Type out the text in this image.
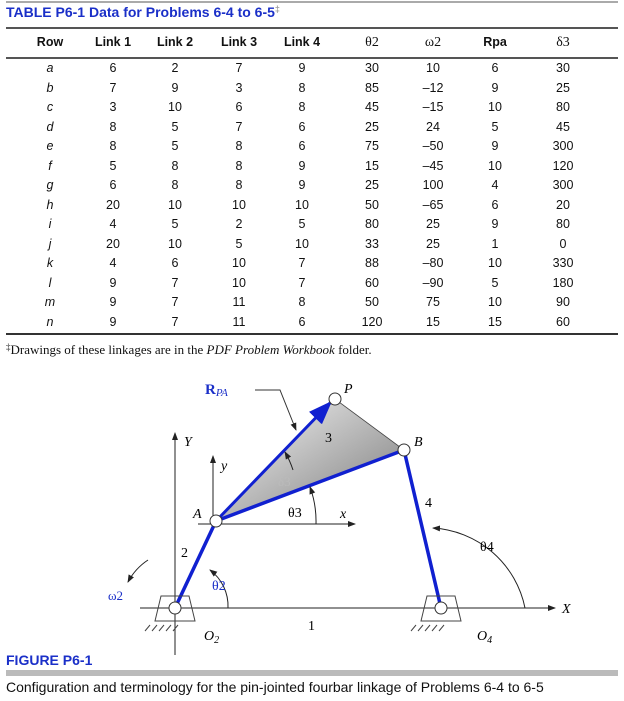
TABLE P6-1 Data for Problems 6-4 to 6-5‡
Row	Link 1	Link 2	Link 3	Link 4	θ2	ω2	Rpa	δ3
a	6	2	7	9	30	10	6	30
b	7	9	3	8	85	–12	9	25
c	3	10	6	8	45	–15	10	80
d	8	5	7	6	25	24	5	45
e	8	5	8	6	75	–50	9	300
f	5	8	8	9	15	–45	10	120
g	6	8	8	9	25	100	4	300
h	20	10	10	10	50	–65	6	20
i	4	5	2	5	80	25	9	80
j	20	10	5	10	33	25	1	0
k	4	6	10	7	88	–80	10	330
l	9	7	10	7	60	–90	5	180
m	9	7	11	8	50	75	10	90
n	9	7	11	6	120	15	15	60
‡Drawings of these linkages are in the PDF Problem Workbook folder.
RPA	P
B
A
Y
y
x
X
$O_2$	$O_4$
1
2
3
4
θ2
θ3
δ3
θ4
ω2
FIGURE P6-1
Configuration and terminology for the pin-jointed fourbar linkage of Problems 6-4 to 6-5
